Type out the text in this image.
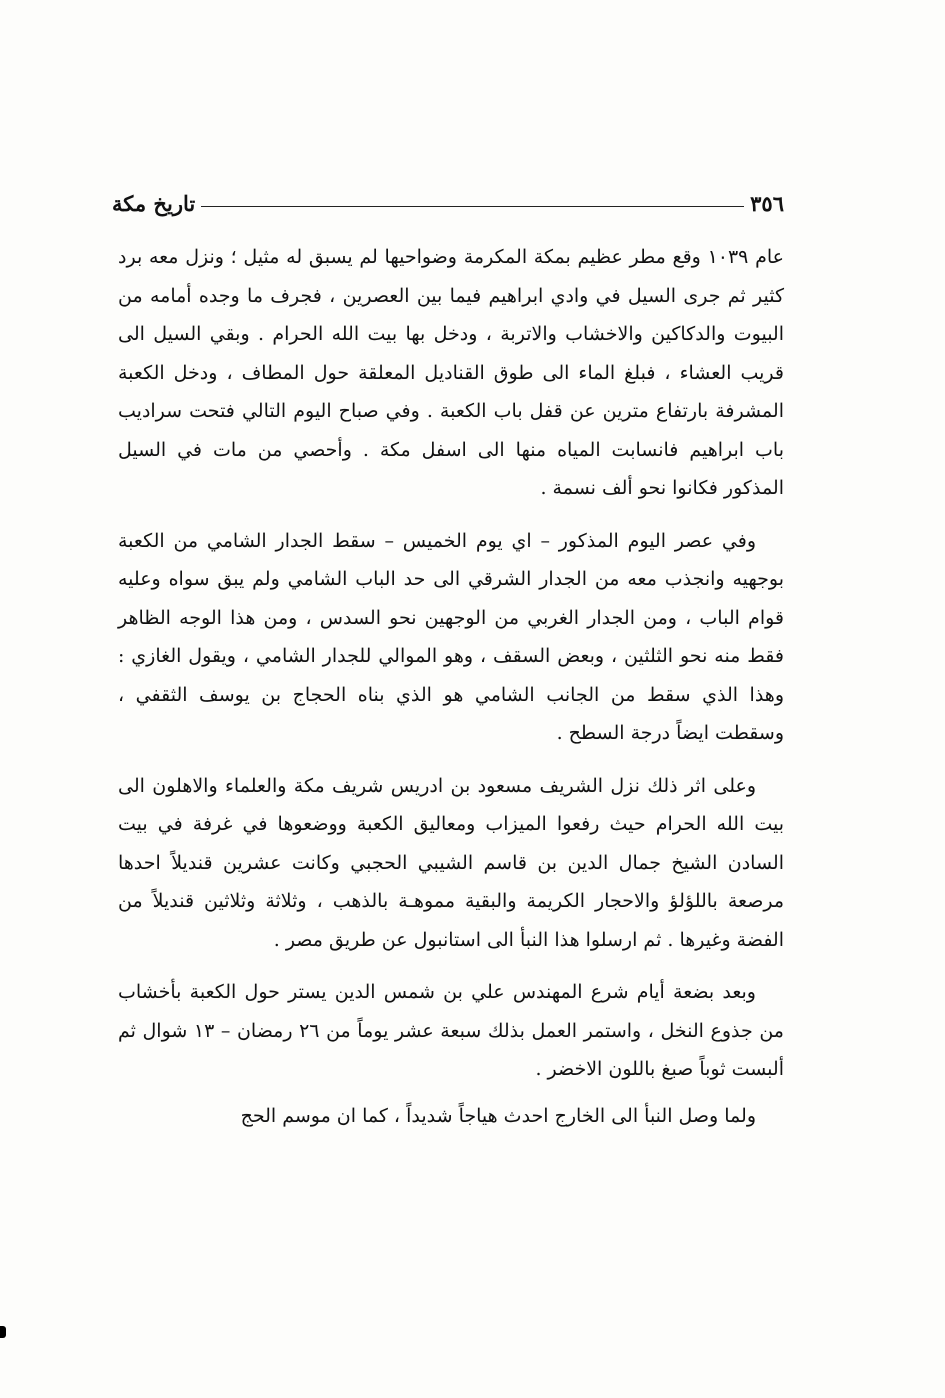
٣٥٦
تاريخ مكة

عام ١٠٣٩ وقع مطر عظيم بمكة المكرمة وضواحيها لم يسبق له مثيل ؛ ونزل معه برد كثير ثم جرى السيل في وادي ابراهيم فيما بين العصرين ، فجرف ما وجده أمامه من البيوت والدكاكين والاخشاب والاتربة ، ودخل بها بيت الله الحرام . وبقي السيل الى قريب العشاء ، فبلغ الماء الى طوق القناديل المعلقة حول المطاف ، ودخل الكعبة المشرفة بارتفاع مترين عن قفل باب الكعبة . وفي صباح اليوم التالي فتحت سراديب باب ابراهيم فانسابت المياه منها الى اسفل مكة . وأحصي من مات في السيل المذكور فكانوا نحو ألف نسمة .

وفي عصر اليوم المذكور – اي يوم الخميس – سقط الجدار الشامي من الكعبة بوجهيه وانجذب معه من الجدار الشرقي الى حد الباب الشامي ولم يبق سواه وعليه قوام الباب ، ومن الجدار الغربي من الوجهين نحو السدس ، ومن هذا الوجه الظاهر فقط منه نحو الثلثين ، وبعض السقف ، وهو الموالي للجدار الشامي ، ويقول الغازي : وهذا الذي سقط من الجانب الشامي هو الذي بناه الحجاج بن يوسف الثقفي ، وسقطت ايضاً درجة السطح .

وعلى اثر ذلك نزل الشريف مسعود بن ادريس شريف مكة والعلماء والاهلون الى بيت الله الحرام حيث رفعوا الميزاب ومعاليق الكعبة ووضعوها في غرفة في بيت السادن الشيخ جمال الدين بن قاسم الشيبي الحجبي وكانت عشرين قنديلاً احدها مرصعة باللؤلؤ والاحجار الكريمة والبقية مموهـة بالذهب ، وثلاثة وثلاثين قنديلاً من الفضة وغيرها . ثم ارسلوا هذا النبأ الى استانبول عن طريق مصر .

وبعد بضعة أيام شرع المهندس علي بن شمس الدين يستر حول الكعبة بأخشاب من جذوع النخل ، واستمر العمل بذلك سبعة عشر يوماً من ٢٦ رمضان – ١٣ شوال ثم ألبست ثوباً صبغ باللون الاخضر .

ولما وصل النبأ الى الخارج احدث هياجاً شديداً ، كما ان موسم الحج
